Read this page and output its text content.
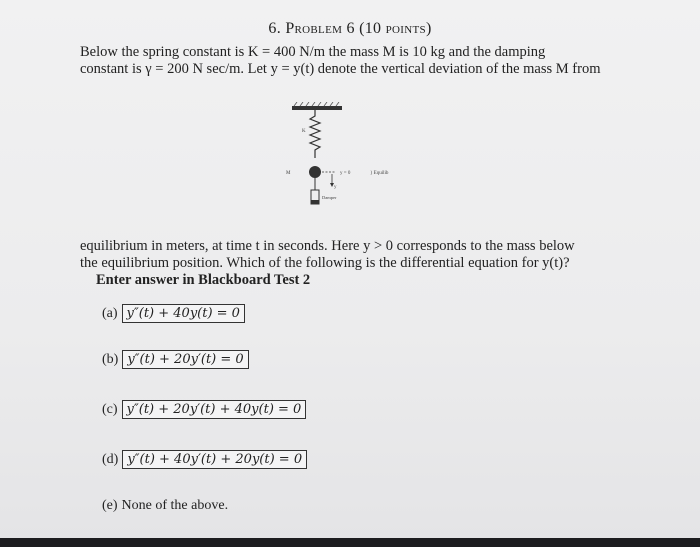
6. Problem 6 (10 points)
Below the spring constant is K = 400 N/m the mass M is 10 kg and the damping
constant is γ = 200 N sec/m. Let y = y(t) denote the vertical deviation of the mass M from
K
M	y = 0	} Equilib
y
Damper
equilibrium in meters, at time t in seconds. Here y > 0 corresponds to the mass below
the equilibrium position. Which of the following is the differential equation for y(t)?
Enter answer in Blackboard Test 2
(a) y″(t) + 40y(t) = 0
(b) y″(t) + 20y′(t) = 0
(c) y″(t) + 20y′(t) + 40y(t) = 0
(d) y″(t) + 40y′(t) + 20y(t) = 0
(e) None of the above.
